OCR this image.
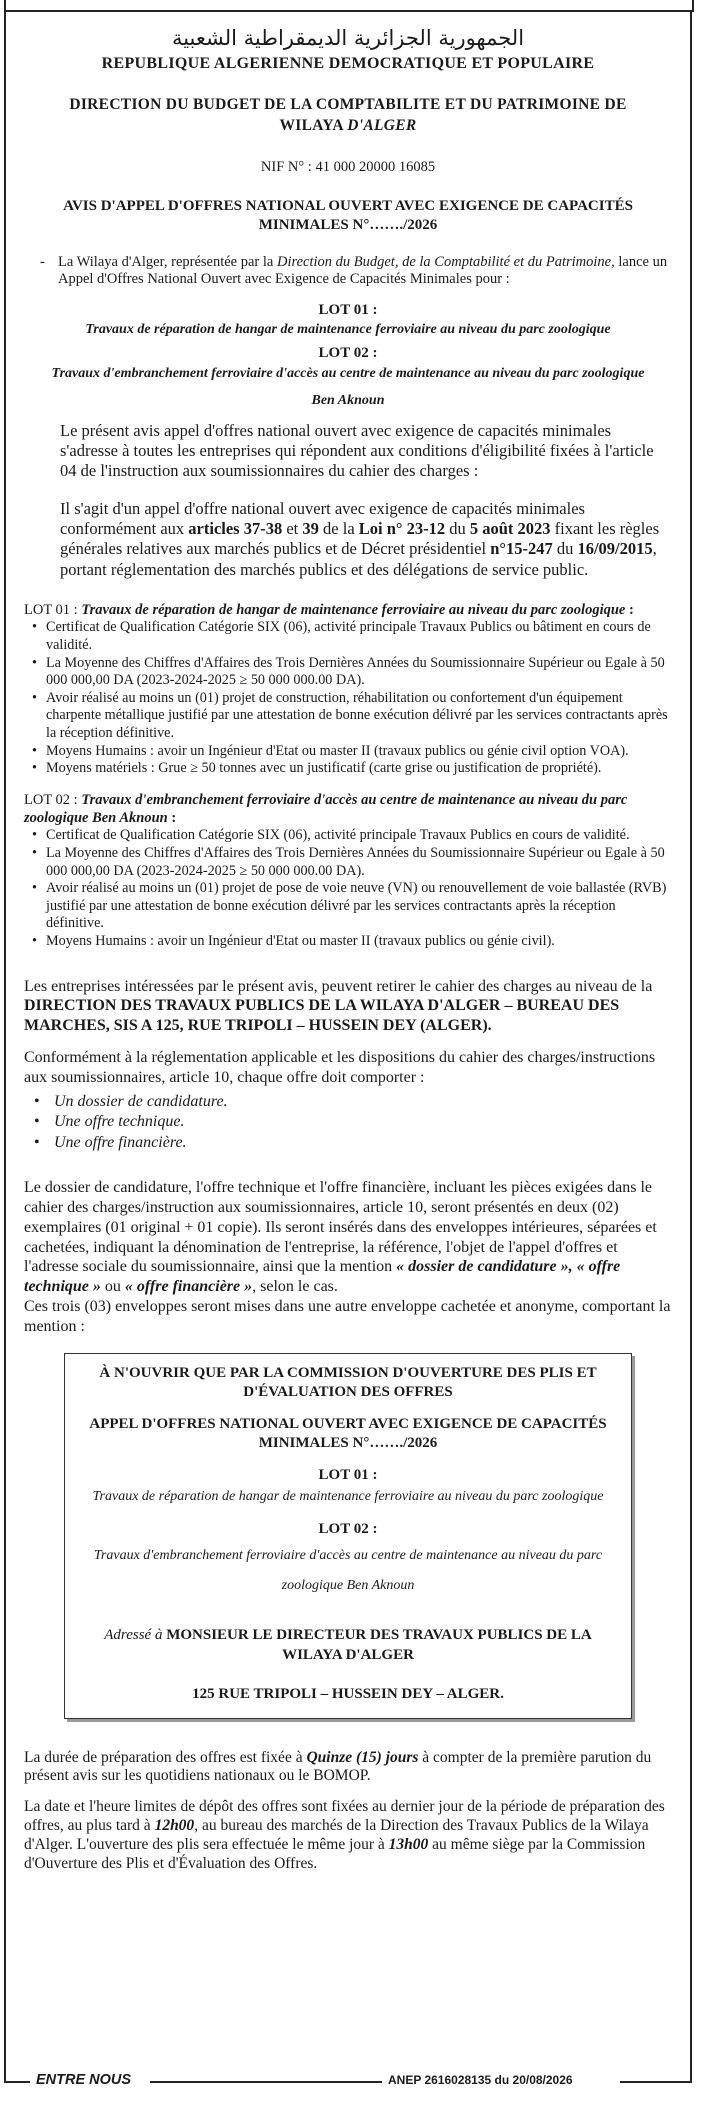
الجمهورية الجزائرية الديمقراطية الشعبية
REPUBLIQUE ALGERIENNE DEMOCRATIQUE ET POPULAIRE
DIRECTION DU BUDGET DE LA COMPTABILITE ET DU PATRIMOINE DE
WILAYA D'ALGER
NIF N° : 41 000 20000 16085
AVIS D'APPEL D'OFFRES NATIONAL OUVERT AVEC EXIGENCE DE CAPACITÉS
MINIMALES N°……./2026
- La Wilaya d'Alger, représentée par la Direction du Budget, de la Comptabilité et du Patrimoine, lance un Appel d'Offres National Ouvert avec Exigence de Capacités Minimales pour :
LOT 01 :
Travaux de réparation de hangar de maintenance ferroviaire au niveau du parc zoologique
LOT 02 :
Travaux d'embranchement ferroviaire d'accès au centre de maintenance au niveau du parc zoologique
Ben Aknoun
Le présent avis appel d'offres national ouvert avec exigence de capacités minimales s'adresse à toutes les entreprises qui répondent aux conditions d'éligibilité fixées à l'article 04 de l'instruction aux soumissionnaires du cahier des charges :
Il s'agit d'un appel d'offre national ouvert avec exigence de capacités minimales conformément aux articles 37-38 et 39 de la Loi n° 23-12 du 5 août 2023 fixant les règles générales relatives aux marchés publics et de Décret présidentiel n°15-247 du 16/09/2015, portant réglementation des marchés publics et des délégations de service public.
LOT 01 : Travaux de réparation de hangar de maintenance ferroviaire au niveau du parc zoologique :
• Certificat de Qualification Catégorie SIX (06), activité principale Travaux Publics ou bâtiment en cours de validité.
• La Moyenne des Chiffres d'Affaires des Trois Dernières Années du Soumissionnaire Supérieur ou Egale à 50 000 000,00 DA (2023-2024-2025 ≥ 50 000 000.00 DA).
• Avoir réalisé au moins un (01) projet de construction, réhabilitation ou confortement d'un équipement charpente métallique justifié par une attestation de bonne exécution délivré par les services contractants après la réception définitive.
• Moyens Humains : avoir un Ingénieur d'Etat ou master II (travaux publics ou génie civil option VOA).
• Moyens matériels : Grue ≥ 50 tonnes avec un justificatif (carte grise ou justification de propriété).
LOT 02 : Travaux d'embranchement ferroviaire d'accès au centre de maintenance au niveau du parc zoologique Ben Aknoun :
• Certificat de Qualification Catégorie SIX (06), activité principale Travaux Publics en cours de validité.
• La Moyenne des Chiffres d'Affaires des Trois Dernières Années du Soumissionnaire Supérieur ou Egale à 50 000 000,00 DA (2023-2024-2025 ≥ 50 000 000.00 DA).
• Avoir réalisé au moins un (01) projet de pose de voie neuve (VN) ou renouvellement de voie ballastée (RVB) justifié par une attestation de bonne exécution délivré par les services contractants après la réception définitive.
• Moyens Humains : avoir un Ingénieur d'Etat ou master II (travaux publics ou génie civil).
Les entreprises intéressées par le présent avis, peuvent retirer le cahier des charges au niveau de la DIRECTION DES TRAVAUX PUBLICS DE LA WILAYA D'ALGER – BUREAU DES MARCHES, SIS A 125, RUE TRIPOLI – HUSSEIN DEY (ALGER).
Conformément à la réglementation applicable et les dispositions du cahier des charges/instructions aux soumissionnaires, article 10, chaque offre doit comporter :
• Un dossier de candidature.
• Une offre technique.
• Une offre financière.
Le dossier de candidature, l'offre technique et l'offre financière, incluant les pièces exigées dans le cahier des charges/instruction aux soumissionnaires, article 10, seront présentés en deux (02) exemplaires (01 original + 01 copie). Ils seront insérés dans des enveloppes intérieures, séparées et cachetées, indiquant la dénomination de l'entreprise, la référence, l'objet de l'appel d'offres et l'adresse sociale du soumissionnaire, ainsi que la mention « dossier de candidature », « offre technique » ou « offre financière », selon le cas.
Ces trois (03) enveloppes seront mises dans une autre enveloppe cachetée et anonyme, comportant la mention :
À N'OUVRIR QUE PAR LA COMMISSION D'OUVERTURE DES PLIS ET D'ÉVALUATION DES OFFRES
APPEL D'OFFRES NATIONAL OUVERT AVEC EXIGENCE DE CAPACITÉS MINIMALES N°……./2026
LOT 01 :
Travaux de réparation de hangar de maintenance ferroviaire au niveau du parc zoologique
LOT 02 :
Travaux d'embranchement ferroviaire d'accès au centre de maintenance au niveau du parc zoologique Ben Aknoun
Adressé à MONSIEUR LE DIRECTEUR DES TRAVAUX PUBLICS DE LA WILAYA D'ALGER
125 RUE TRIPOLI – HUSSEIN DEY – ALGER.
La durée de préparation des offres est fixée à Quinze (15) jours à compter de la première parution du présent avis sur les quotidiens nationaux ou le BOMOP.
La date et l'heure limites de dépôt des offres sont fixées au dernier jour de la période de préparation des offres, au plus tard à 12h00, au bureau des marchés de la Direction des Travaux Publics de la Wilaya d'Alger. L'ouverture des plis sera effectuée le même jour à 13h00 au même siège par la Commission d'Ouverture des Plis et d'Évaluation des Offres.
ENTRE NOUS	ANEP 2616028135 du 20/08/2026
